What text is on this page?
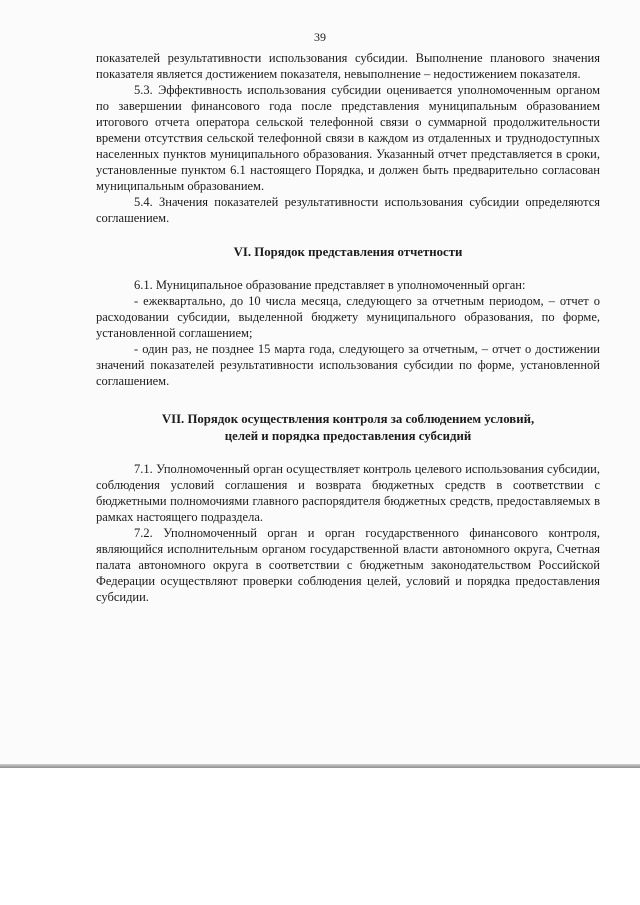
39

показателей результативности использования субсидии. Выполнение планового значения показателя является достижением показателя, невыполнение – недостижением показателя.

5.3. Эффективность использования субсидии оценивается уполномоченным органом по завершении финансового года после представления муниципальным образованием итогового отчета оператора сельской телефонной связи о суммарной продолжительности времени отсутствия сельской телефонной связи в каждом из отдаленных и труднодоступных населенных пунктов муниципального образования. Указанный отчет представляется в сроки, установленные пунктом 6.1 настоящего Порядка, и должен быть предварительно согласован муниципальным образованием.

5.4. Значения показателей результативности использования субсидии определяются соглашением.

VI. Порядок представления отчетности

6.1. Муниципальное образование представляет в уполномоченный орган:

- ежеквартально, до 10 числа месяца, следующего за отчетным периодом, – отчет о расходовании субсидии, выделенной бюджету муниципального образования, по форме, установленной соглашением;

- один раз, не позднее 15 марта года, следующего за отчетным, – отчет о достижении значений показателей результативности использования субсидии по форме, установленной соглашением.

VII. Порядок осуществления контроля за соблюдением условий,
целей и порядка предоставления субсидий

7.1. Уполномоченный орган осуществляет контроль целевого использования субсидии, соблюдения условий соглашения и возврата бюджетных средств в соответствии с бюджетными полномочиями главного распорядителя бюджетных средств, предоставляемых в рамках настоящего подраздела.

7.2. Уполномоченный орган и орган государственного финансового контроля, являющийся исполнительным органом государственной власти автономного округа, Счетная палата автономного округа в соответствии с бюджетным законодательством Российской Федерации осуществляют проверки соблюдения целей, условий и порядка предоставления субсидии.
